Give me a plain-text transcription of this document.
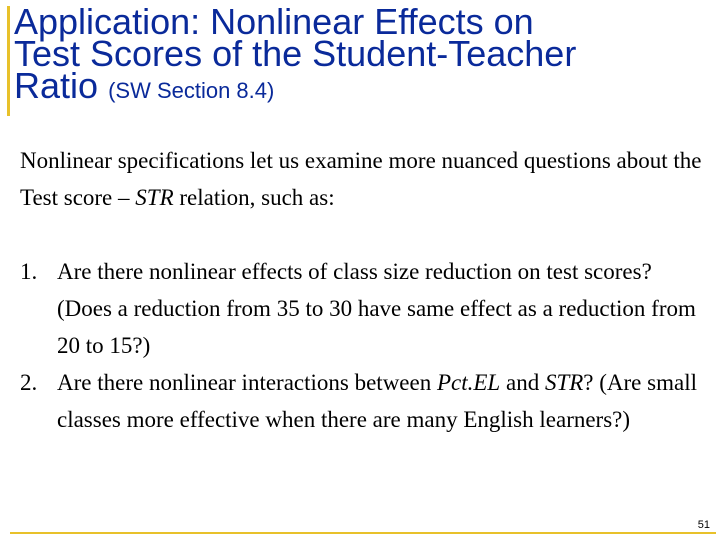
Application: Nonlinear Effects on
Test Scores of the Student-Teacher
Ratio (SW Section 8.4)

Nonlinear specifications let us examine more nuanced questions about the Test score – STR relation, such as:

1. Are there nonlinear effects of class size reduction on test scores? (Does a reduction from 35 to 30 have same effect as a reduction from 20 to 15?)
2. Are there nonlinear interactions between Pct.EL and STR? (Are small classes more effective when there are many English learners?)
51
